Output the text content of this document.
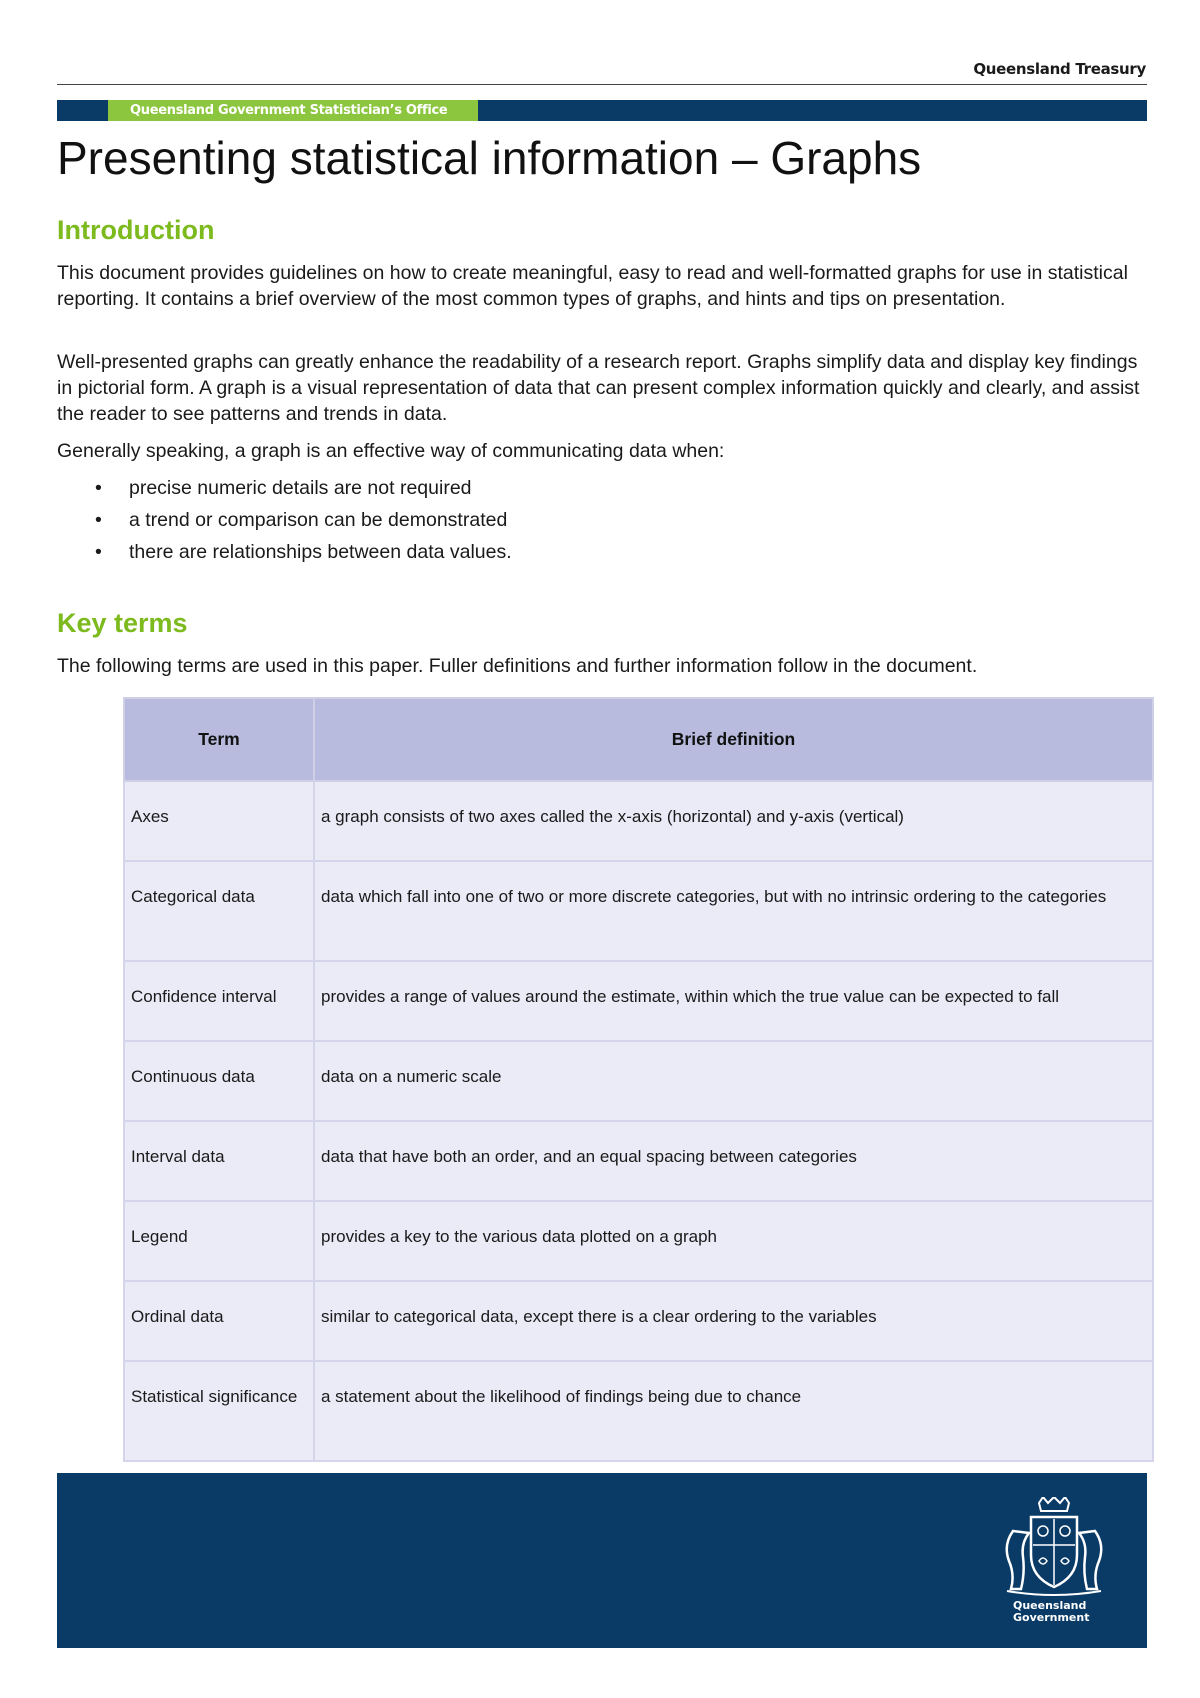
Queensland Treasury
Queensland Government Statistician’s Office
Presenting statistical information – Graphs
Introduction

This document provides guidelines on how to create meaningful, easy to read and well-formatted graphs for use in statistical reporting. It contains a brief overview of the most common types of graphs, and hints and tips on presentation.

Well-presented graphs can greatly enhance the readability of a research report. Graphs simplify data and display key findings in pictorial form. A graph is a visual representation of data that can present complex information quickly and clearly, and assist the reader to see patterns and trends in data.

Generally speaking, a graph is an effective way of communicating data when:

• precise numeric details are not required
• a trend or comparison can be demonstrated
• there are relationships between data values.
Key terms

The following terms are used in this paper. Fuller definitions and further information follow in the document.

Term	Brief definition
Axes	a graph consists of two axes called the x-axis (horizontal) and y-axis (vertical)
Categorical data	data which fall into one of two or more discrete categories, but with no intrinsic ordering to the categories
Confidence interval	provides a range of values around the estimate, within which the true value can be expected to fall
Continuous data	data on a numeric scale
Interval data	data that have both an order, and an equal spacing between categories
Legend	provides a key to the various data plotted on a graph
Ordinal data	similar to categorical data, except there is a clear ordering to the variables
Statistical significance	a statement about the likelihood of findings being due to chance
Queensland
Government
